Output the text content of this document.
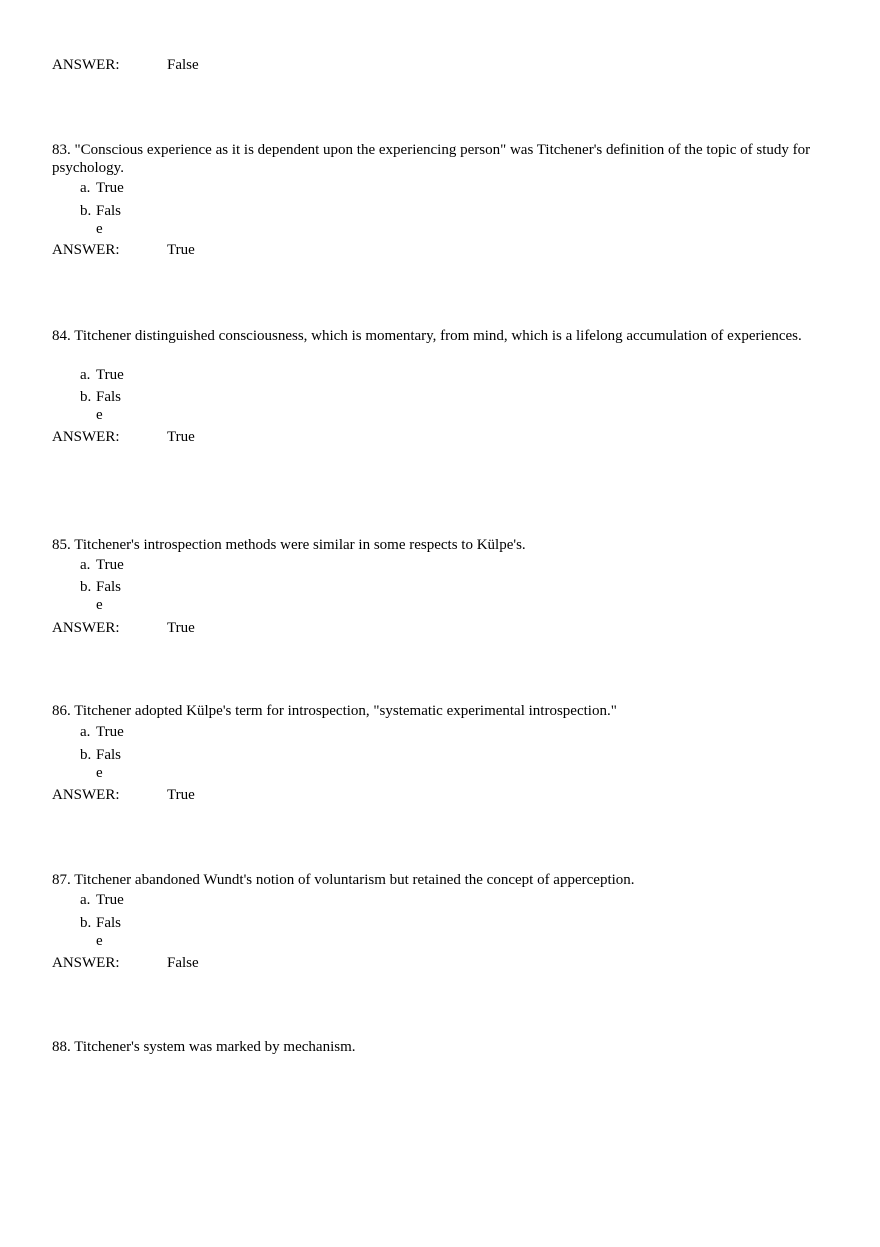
ANSWER:	False
83. "Conscious experience as it is dependent upon the experiencing person" was Titchener's definition of the topic of study for psychology.
a. True
b. Fals
e
ANSWER:	True
84. Titchener distinguished consciousness, which is momentary, from mind, which is a lifelong accumulation of experiences.
a. True
b. Fals
e
ANSWER:	True
85. Titchener's introspection methods were similar in some respects to Külpe's.
a. True
b. Fals
e
ANSWER:	True
86. Titchener adopted Külpe's term for introspection, "systematic experimental introspection."
a. True
b. Fals
e
ANSWER:	True
87. Titchener abandoned Wundt's notion of voluntarism but retained the concept of apperception.
a. True
b. Fals
e
ANSWER:	False
88. Titchener's system was marked by mechanism.
